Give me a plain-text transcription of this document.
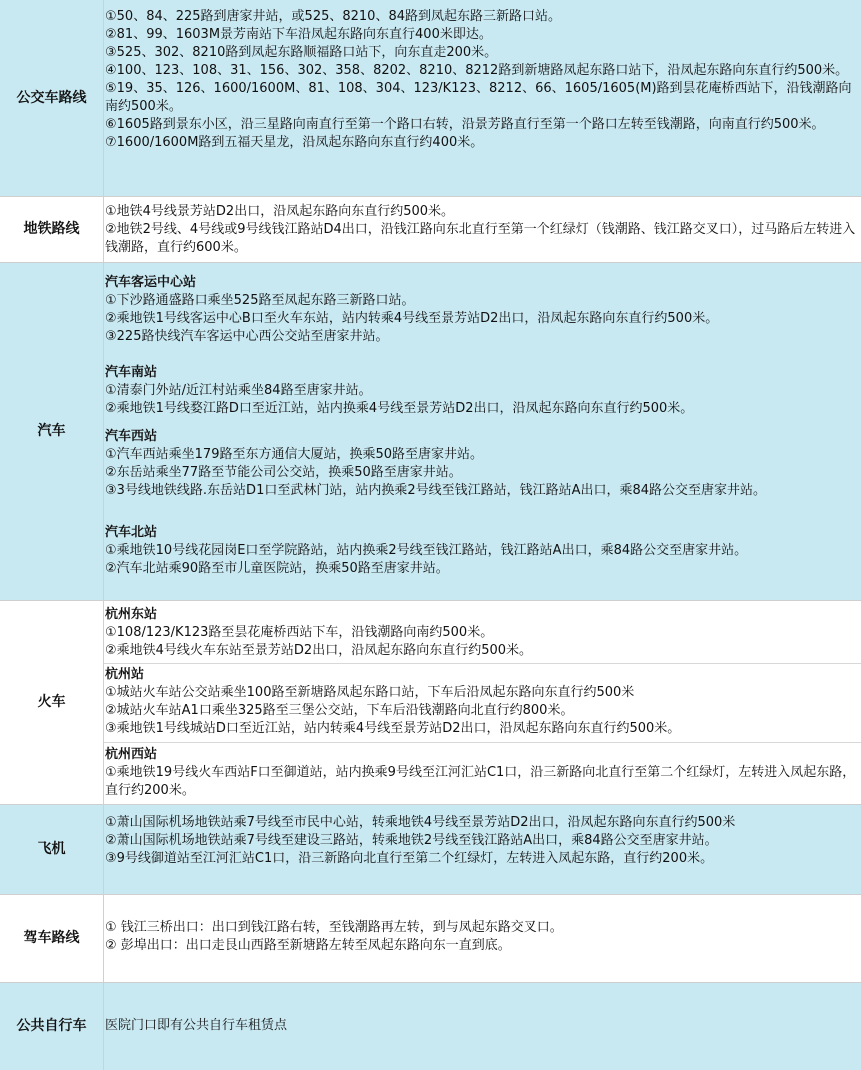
公交车路线
①50、84、225路到唐家井站，或525、8210、84路到凤起东路三新路口站。
②81、99、1603M景芳南站下车沿凤起东路向东直行400米即达。
③525、302、8210路到凤起东路顺福路口站下，向东直走200米。
④100、123、108、31、156、302、358、8202、8210、8212路到新塘路凤起东路口站下，沿凤起东路向东直行约500米。
⑤19、35、126、1600/1600M、81、108、304、123/K123、8212、66、1605/1605(M)路到昙花庵桥西站下，沿钱潮路向南约500米。
⑥1605路到景东小区，沿三星路向南直行至第一个路口右转，沿景芳路直行至第一个路口左转至钱潮路，向南直行约500米。
⑦1600/1600M路到五福天星龙，沿凤起东路向东直行约400米。
地铁路线
①地铁4号线景芳站D2出口，沿凤起东路向东直行约500米。
②地铁2号线、4号线或9号线钱江路站D4出口，沿钱江路向东北直行至第一个红绿灯（钱潮路、钱江路交叉口），过马路后左转进入钱潮路，直行约600米。
汽车
汽车客运中心站
①下沙路通盛路口乘坐525路至凤起东路三新路口站。
②乘地铁1号线客运中心B口至火车东站，站内转乘4号线至景芳站D2出口，沿凤起东路向东直行约500米。
③225路快线汽车客运中心西公交站至唐家井站。
汽车南站
①清泰门外站/近江村站乘坐84路至唐家井站。
②乘地铁1号线婺江路D口至近江站，站内换乘4号线至景芳站D2出口，沿凤起东路向东直行约500米。
汽车西站
①汽车西站乘坐179路至东方通信大厦站，换乘50路至唐家井站。
②东岳站乘坐77路至节能公司公交站，换乘50路至唐家井站。
③3号线地铁线路.东岳站D1口至武林门站，站内换乘2号线至钱江路站，钱江路站A出口，乘84路公交至唐家井站。
汽车北站
①乘地铁10号线花园岗E口至学院路站，站内换乘2号线至钱江路站，钱江路站A出口，乘84路公交至唐家井站。
②汽车北站乘90路至市儿童医院站，换乘50路至唐家井站。
火车
杭州东站
①108/123/K123路至昙花庵桥西站下车，沿钱潮路向南约500米。
②乘地铁4号线火车东站至景芳站D2出口，沿凤起东路向东直行约500米。
杭州站
①城站火车站公交站乘坐100路至新塘路凤起东路口站，下车后沿凤起东路向东直行约500米
②城站火车站A1口乘坐325路至三堡公交站，下车后沿钱潮路向北直行约800米。
③乘地铁1号线城站D口至近江站，站内转乘4号线至景芳站D2出口，沿凤起东路向东直行约500米。
杭州西站
①乘地铁19号线火车西站F口至御道站，站内换乘9号线至江河汇站C1口，沿三新路向北直行至第二个红绿灯，左转进入凤起东路，直行约200米。
飞机
①萧山国际机场地铁站乘7号线至市民中心站，转乘地铁4号线至景芳站D2出口，沿凤起东路向东直行约500米
②萧山国际机场地铁站乘7号线至建设三路站，转乘地铁2号线至钱江路站A出口，乘84路公交至唐家井站。
③9号线御道站至江河汇站C1口，沿三新路向北直行至第二个红绿灯，左转进入凤起东路，直行约200米。
驾车路线
① 钱江三桥出口：出口到钱江路右转，至钱潮路再左转，到与凤起东路交叉口。
② 彭埠出口：出口走艮山西路至新塘路左转至凤起东路向东一直到底。
公共自行车	医院门口即有公共自行车租赁点
